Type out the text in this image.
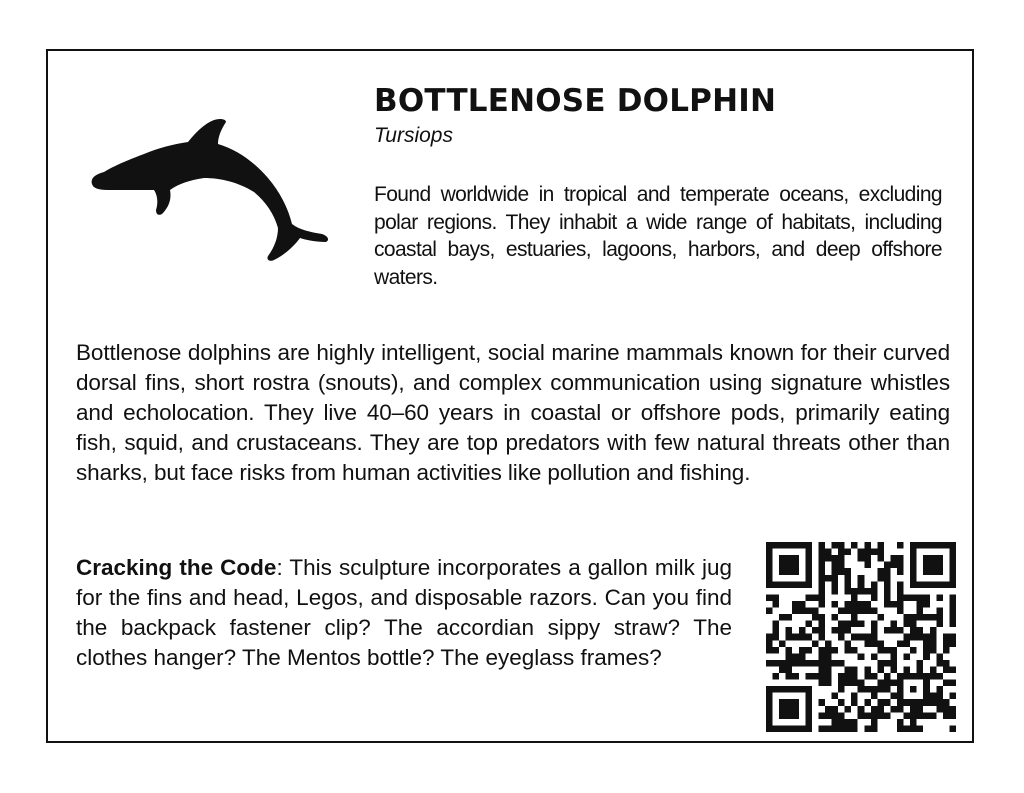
BOTTLENOSE DOLPHIN

Tursiops

Found worldwide in tropical and temperate oceans, excluding polar regions. They inhabit a wide range of habitats, including coastal bays, estuaries, lagoons, harbors, and deep offshore waters.

Bottlenose dolphins are highly intelligent, social marine mammals known for their curved dorsal fins, short rostra (snouts), and complex communication using signature whistles and echolocation. They live 40–60 years in coastal or offshore pods, primarily eating fish, squid, and crustaceans. They are top predators with few natural threats other than sharks, but face risks from human activities like pollution and fishing.

Cracking the Code: This sculpture incorporates a gallon milk jug for the fins and head, Legos, and disposable razors. Can you find the backpack fastener clip? The accordian sippy straw? The clothes hanger? The Mentos bottle? The eyeglass frames?
